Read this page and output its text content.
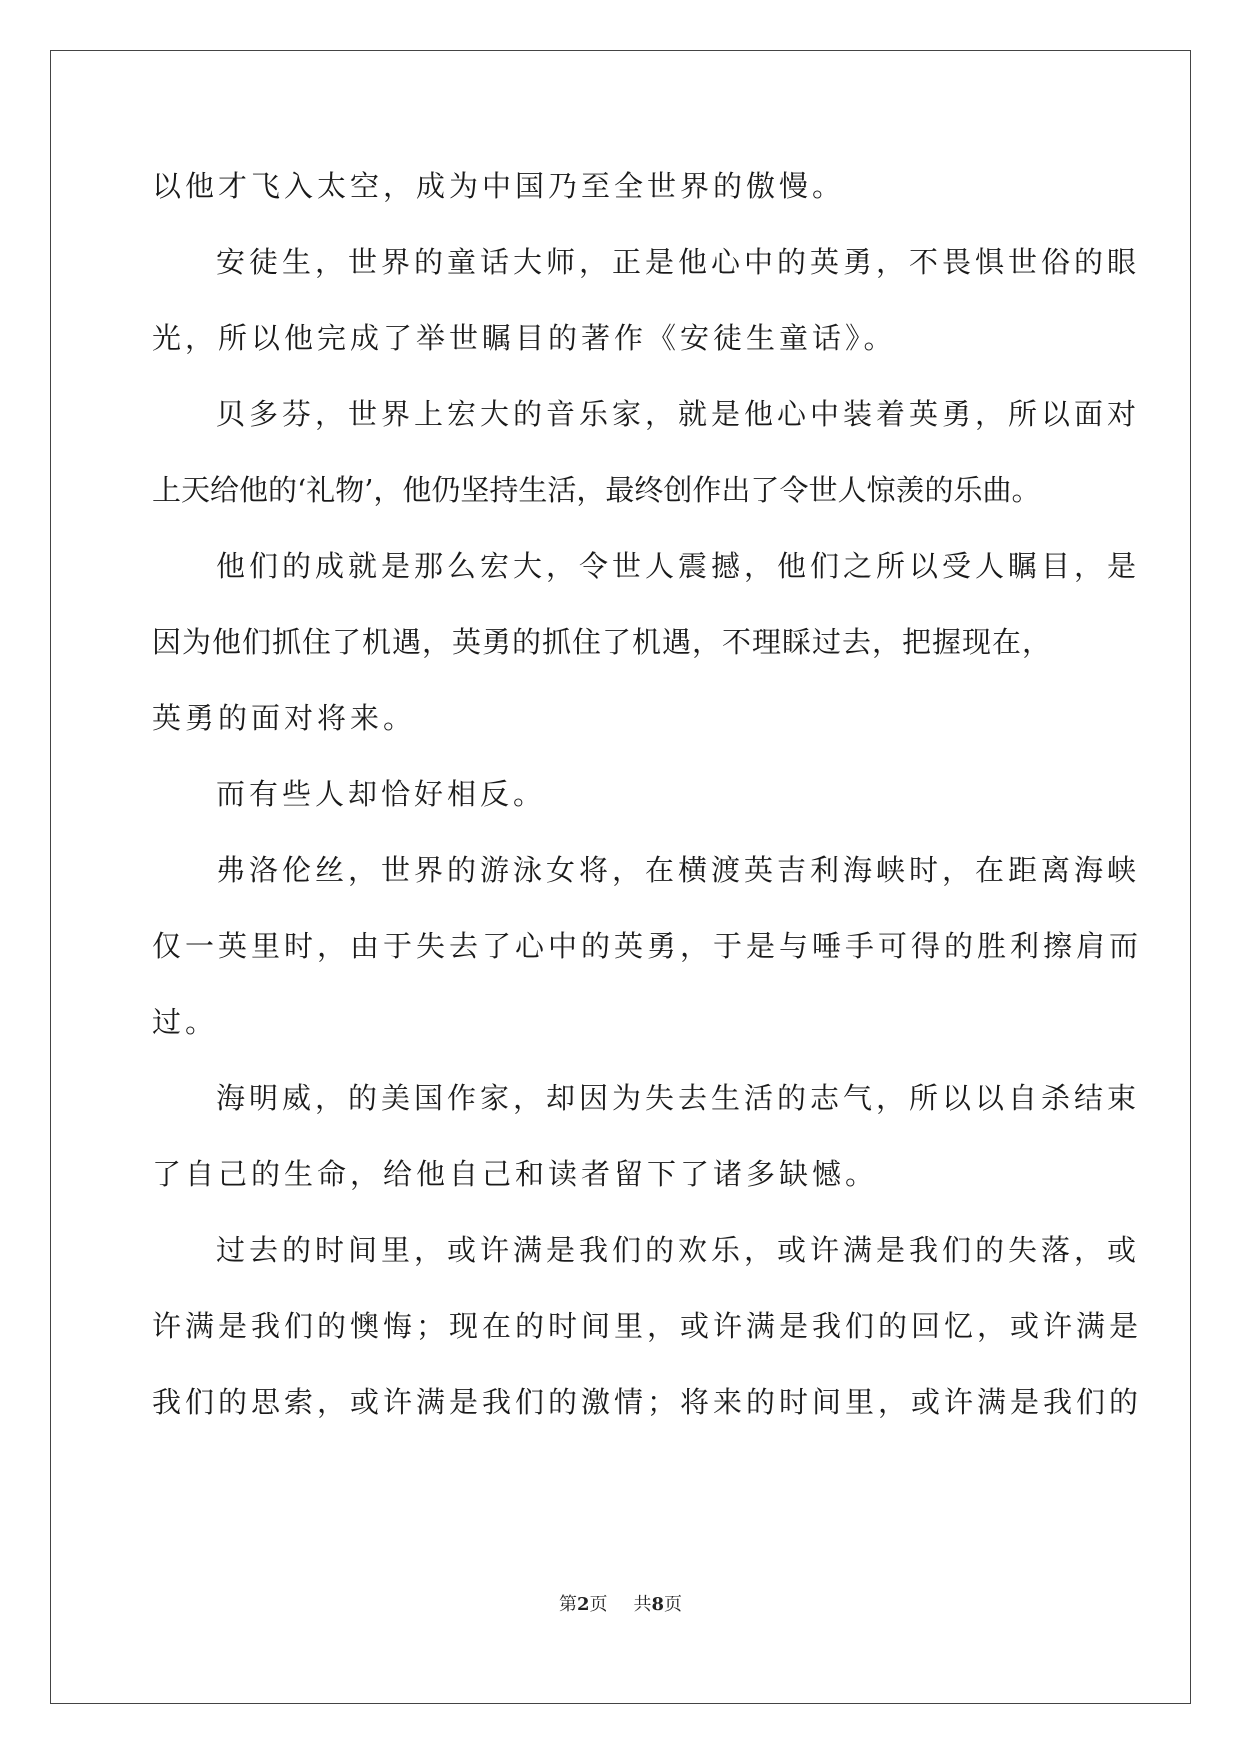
以他才飞入太空，成为中国乃至全世界的傲慢。
安徒生，世界的童话大师，正是他心中的英勇，不畏惧世俗的眼
光，所以他完成了举世瞩目的著作《安徒生童话》。
贝多芬，世界上宏大的音乐家，就是他心中装着英勇，所以面对
上天给他的‘礼物’，他仍坚持生活，最终创作出了令世人惊羡的乐曲。
他们的成就是那么宏大，令世人震撼，他们之所以受人瞩目，是
因为他们抓住了机遇，英勇的抓住了机遇，不理睬过去，把握现在，
英勇的面对将来。
而有些人却恰好相反。
弗洛伦丝，世界的游泳女将，在横渡英吉利海峡时，在距离海峡
仅一英里时，由于失去了心中的英勇，于是与唾手可得的胜利擦肩而
过。
海明威，的美国作家，却因为失去生活的志气，所以以自杀结束
了自己的生命，给他自己和读者留下了诸多缺憾。
过去的时间里，或许满是我们的欢乐，或许满是我们的失落，或
许满是我们的懊悔；现在的时间里，或许满是我们的回忆，或许满是
我们的思索，或许满是我们的激情；将来的时间里，或许满是我们的
第2页 共8页
